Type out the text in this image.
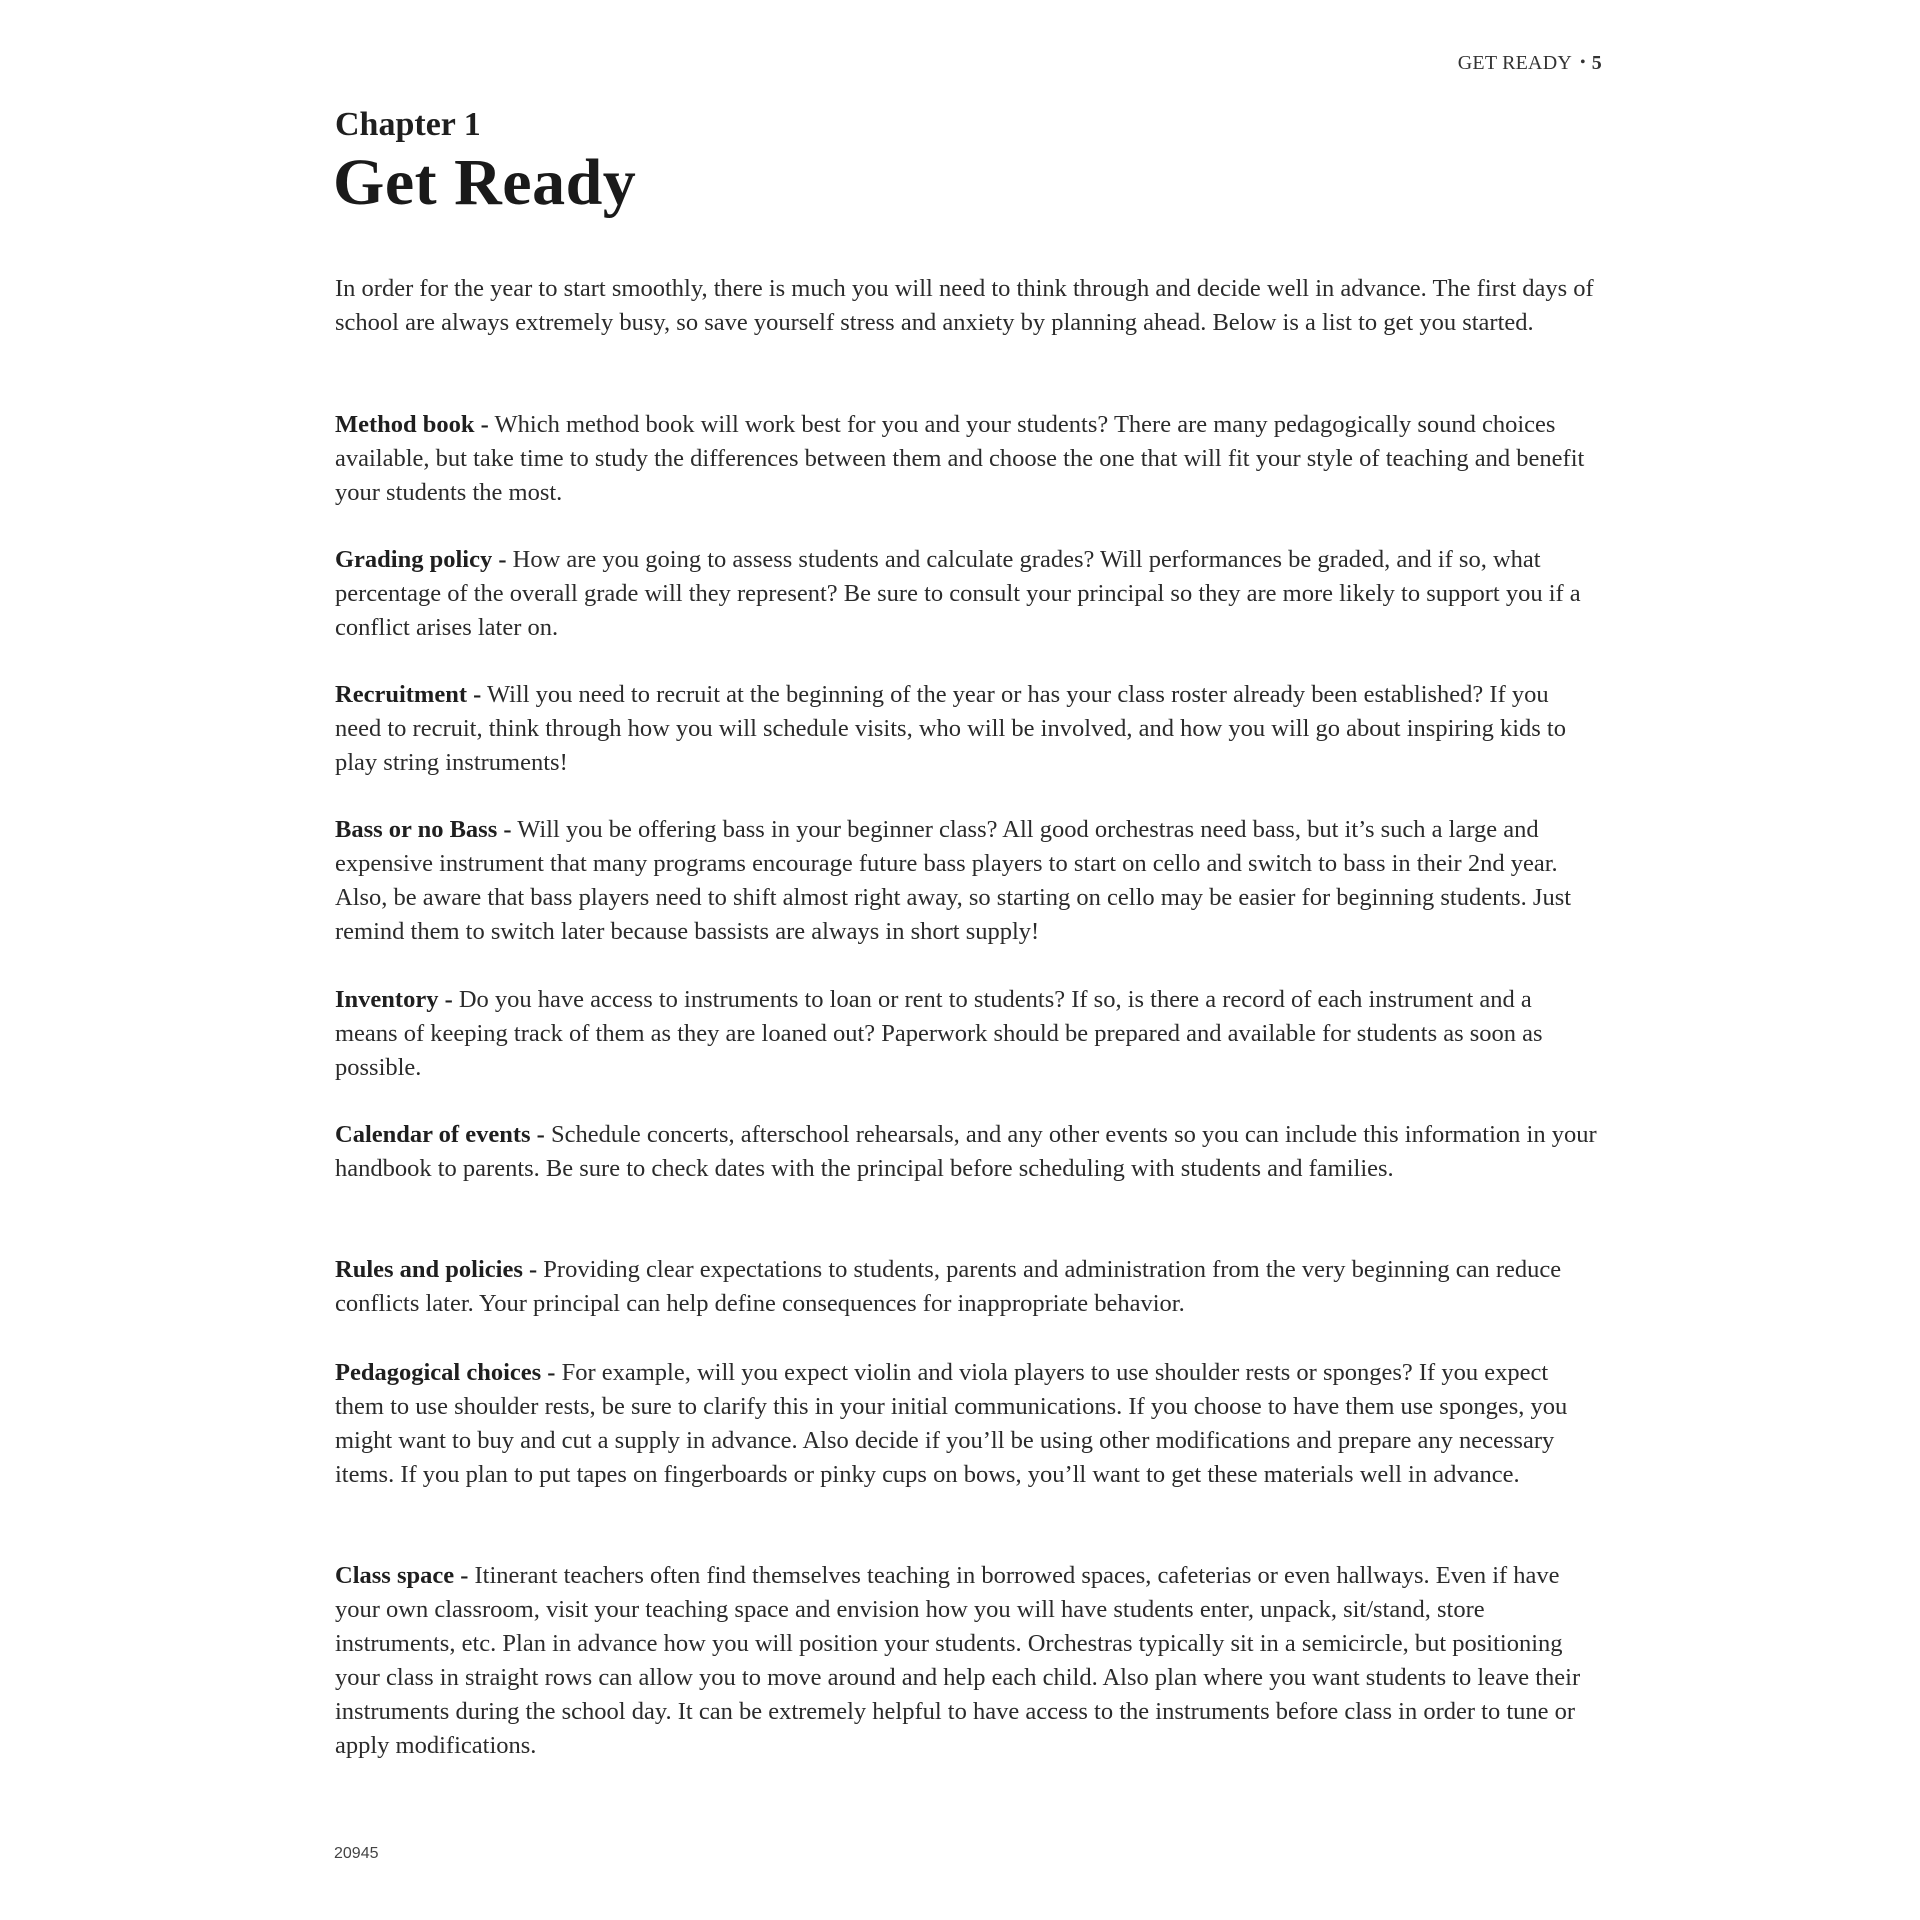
GET READY • 5
Chapter 1
Get Ready

In order for the year to start smoothly, there is much you will need to think through and decide well in advance. The first days of school are always extremely busy, so save yourself stress and anxiety by planning ahead. Below is a list to get you started.

Method book - Which method book will work best for you and your students? There are many pedagogically sound choices available, but take time to study the differences between them and choose the one that will fit your style of teaching and benefit your students the most.

Grading policy - How are you going to assess students and calculate grades? Will performances be graded, and if so, what percentage of the overall grade will they represent? Be sure to consult your principal so they are more likely to support you if a conflict arises later on.

Recruitment - Will you need to recruit at the beginning of the year or has your class roster already been established? If you need to recruit, think through how you will schedule visits, who will be involved, and how you will go about inspiring kids to play string instruments!

Bass or no Bass - Will you be offering bass in your beginner class? All good orchestras need bass, but it’s such a large and expensive instrument that many programs encourage future bass players to start on cello and switch to bass in their 2nd year. Also, be aware that bass players need to shift almost right away, so starting on cello may be easier for beginning students. Just remind them to switch later because bassists are always in short supply!

Inventory - Do you have access to instruments to loan or rent to students? If so, is there a record of each instrument and a means of keeping track of them as they are loaned out? Paperwork should be prepared and available for students as soon as possible.

Calendar of events - Schedule concerts, afterschool rehearsals, and any other events so you can include this information in your handbook to parents. Be sure to check dates with the principal before scheduling with students and families.

Rules and policies - Providing clear expectations to students, parents and administration from the very beginning can reduce conflicts later. Your principal can help define consequences for inappropriate behavior.

Pedagogical choices - For example, will you expect violin and viola players to use shoulder rests or sponges? If you expect them to use shoulder rests, be sure to clarify this in your initial communications. If you choose to have them use sponges, you might want to buy and cut a supply in advance. Also decide if you’ll be using other modifications and prepare any necessary items. If you plan to put tapes on fingerboards or pinky cups on bows, you’ll want to get these materials well in advance.

Class space - Itinerant teachers often find themselves teaching in borrowed spaces, cafeterias or even hallways. Even if have your own classroom, visit your teaching space and envision how you will have students enter, unpack, sit/stand, store instruments, etc. Plan in advance how you will position your students. Orchestras typically sit in a semicircle, but positioning your class in straight rows can allow you to move around and help each child. Also plan where you want students to leave their instruments during the school day. It can be extremely helpful to have access to the instruments before class in order to tune or apply modifications.

20945
